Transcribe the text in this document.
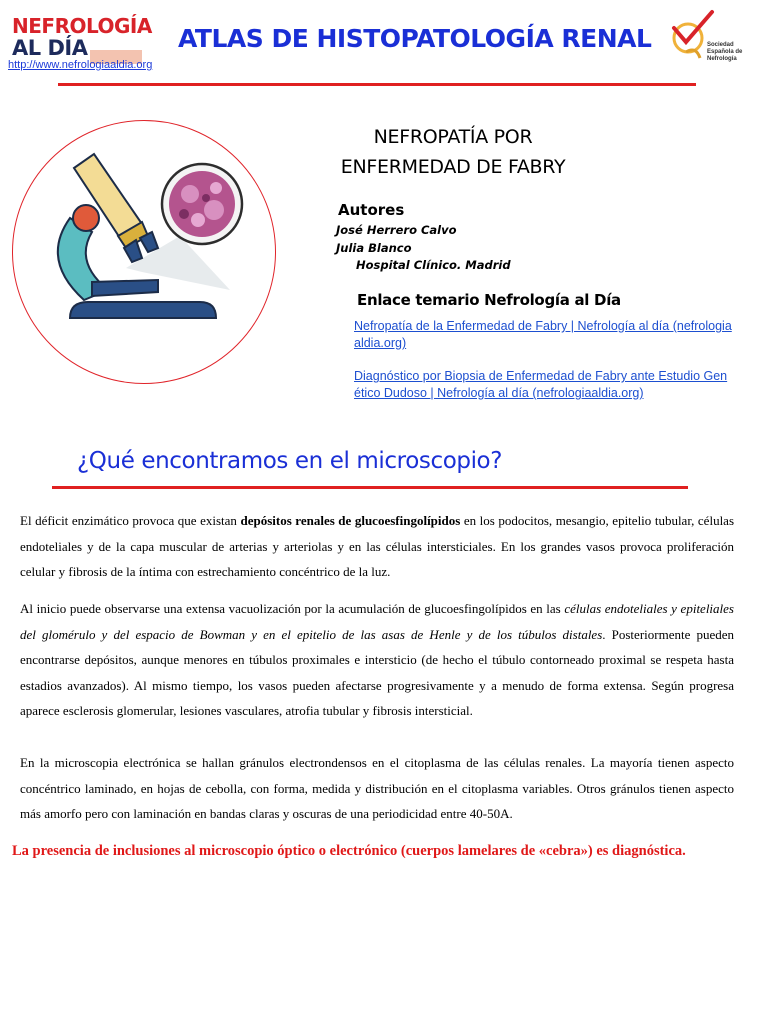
NEFROLOGÍA
AL DÍA
http://www.nefrologiaaldia.org
ATLAS DE HISTOPATOLOGÍA RENAL	Sociedad
Española de
Nefrología
NEFROPATÍA POR
ENFERMEDAD DE FABRY
Autores
José Herrero Calvo
Julia Blanco
Hospital Clínico. Madrid
Enlace temario Nefrología al Día
Nefropatía de la Enfermedad de Fabry | Nefrología al día (nefrologiaaldia.org)
Diagnóstico por Biopsia de Enfermedad de Fabry ante Estudio Genético Dudoso | Nefrología al día (nefrologiaaldia.org)
¿Qué encontramos en el microscopio?
El déficit enzimático provoca que existan depósitos renales de glucoesfingolípidos en los podocitos, mesangio, epitelio tubular, células endoteliales y de la capa muscular de arterias y arteriolas y en las células intersticiales. En los grandes vasos provoca proliferación celular y fibrosis de la íntima con estrechamiento concéntrico de la luz.
Al inicio puede observarse una extensa vacuolización por la acumulación de glucoesfingolípidos en las células endoteliales y epiteliales del glomérulo y del espacio de Bowman y en el epitelio de las asas de Henle y de los túbulos distales. Posteriormente pueden encontrarse depósitos, aunque menores en túbulos proximales e intersticio (de hecho el túbulo contorneado proximal se respeta hasta estadios avanzados). Al mismo tiempo, los vasos pueden afectarse progresivamente y a menudo de forma extensa. Según progresa aparece esclerosis glomerular, lesiones vasculares, atrofia tubular y fibrosis intersticial.
En la microscopia electrónica se hallan gránulos electrondensos en el citoplasma de las células renales. La mayoría tienen aspecto concéntrico laminado, en hojas de cebolla, con forma, medida y distribución en el citoplasma variables. Otros gránulos tienen aspecto más amorfo pero con laminación en bandas claras y oscuras de una periodicidad entre 40-50A.
La presencia de inclusiones al microscopio óptico o electrónico (cuerpos lamelares de «cebra») es diagnóstica.
